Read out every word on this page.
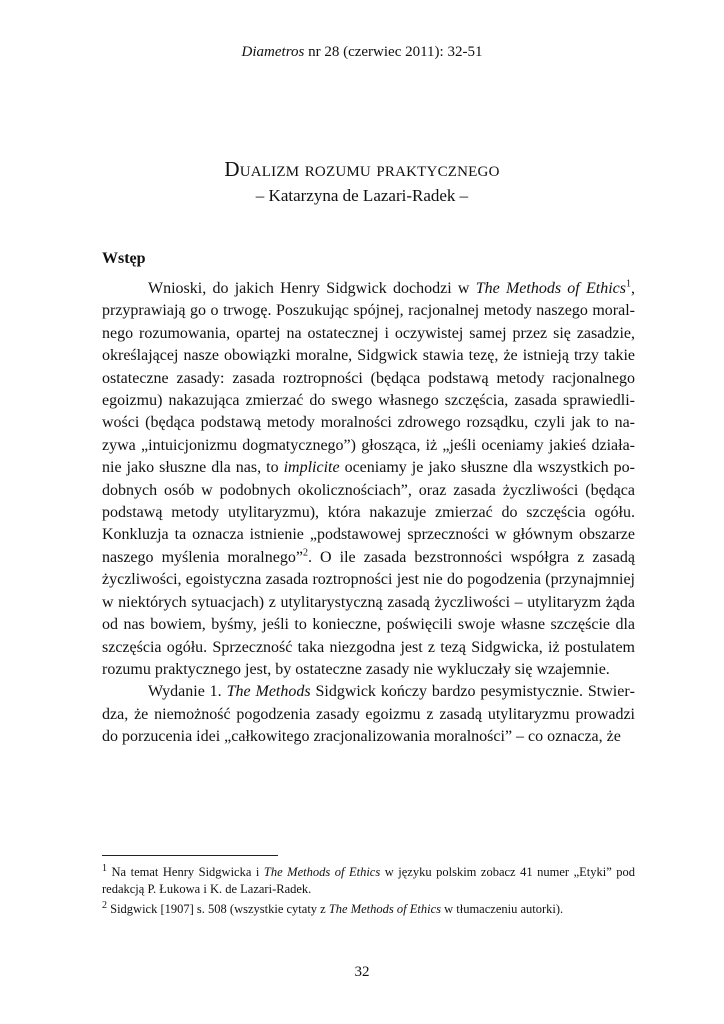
Diametros nr 28 (czerwiec 2011): 32-51
Dualizm rozumu praktycznego
– Katarzyna de Lazari-Radek –
Wstęp

Wnioski, do jakich Henry Sidgwick dochodzi w The Methods of Ethics$^1$, przyprawiają go o trwogę. Poszukując spójnej, racjonalnej metody naszego moralnego rozumowania, opartej na ostatecznej i oczywistej samej przez się zasadzie, określającej nasze obowiązki moralne, Sidgwick stawia tezę, że istnieją trzy takie ostateczne zasady: zasada roztropności (będąca podstawą metody racjonalnego egoizmu) nakazująca zmierzać do swego własnego szczęścia, zasada sprawiedliwości (będąca podstawą metody moralności zdrowego rozsądku, czyli jak to nazywa „intuicjonizmu dogmatycznego”) głosząca, iż „jeśli oceniamy jakieś działanie jako słuszne dla nas, to implicite oceniamy je jako słuszne dla wszystkich podobnych osób w podobnych okolicznościach”, oraz zasada życzliwości (będąca podstawą metody utylitaryzmu), która nakazuje zmierzać do szczęścia ogółu. Konkluzja ta oznacza istnienie „podstawowej sprzeczności w głównym obszarze naszego myślenia moralnego”$^2$. O ile zasada bezstronności współgra z zasadą życzliwości, egoistyczna zasada roztropności jest nie do pogodzenia (przynajmniej w niektórych sytuacjach) z utylitarystyczną zasadą życzliwości – utylitaryzm żąda od nas bowiem, byśmy, jeśli to konieczne, poświęcili swoje własne szczęście dla szczęścia ogółu. Sprzeczność taka niezgodna jest z tezą Sidgwicka, iż postulatem rozumu praktycznego jest, by ostateczne zasady nie wykluczały się wzajemnie.

Wydanie 1. The Methods Sidgwick kończy bardzo pesymistycznie. Stwierdza, że niemożność pogodzenia zasady egoizmu z zasadą utylitaryzmu prowadzi do porzucenia idei „całkowitego zracjonalizowania moralności” – co oznacza, że

$^1$ Na temat Henry Sidgwicka i The Methods of Ethics w języku polskim zobacz 41 numer „Etyki” pod redakcją P. Łukowa i K. de Lazari-Radek.

$^2$ Sidgwick [1907] s. 508 (wszystkie cytaty z The Methods of Ethics w tłumaczeniu autorki).

32
